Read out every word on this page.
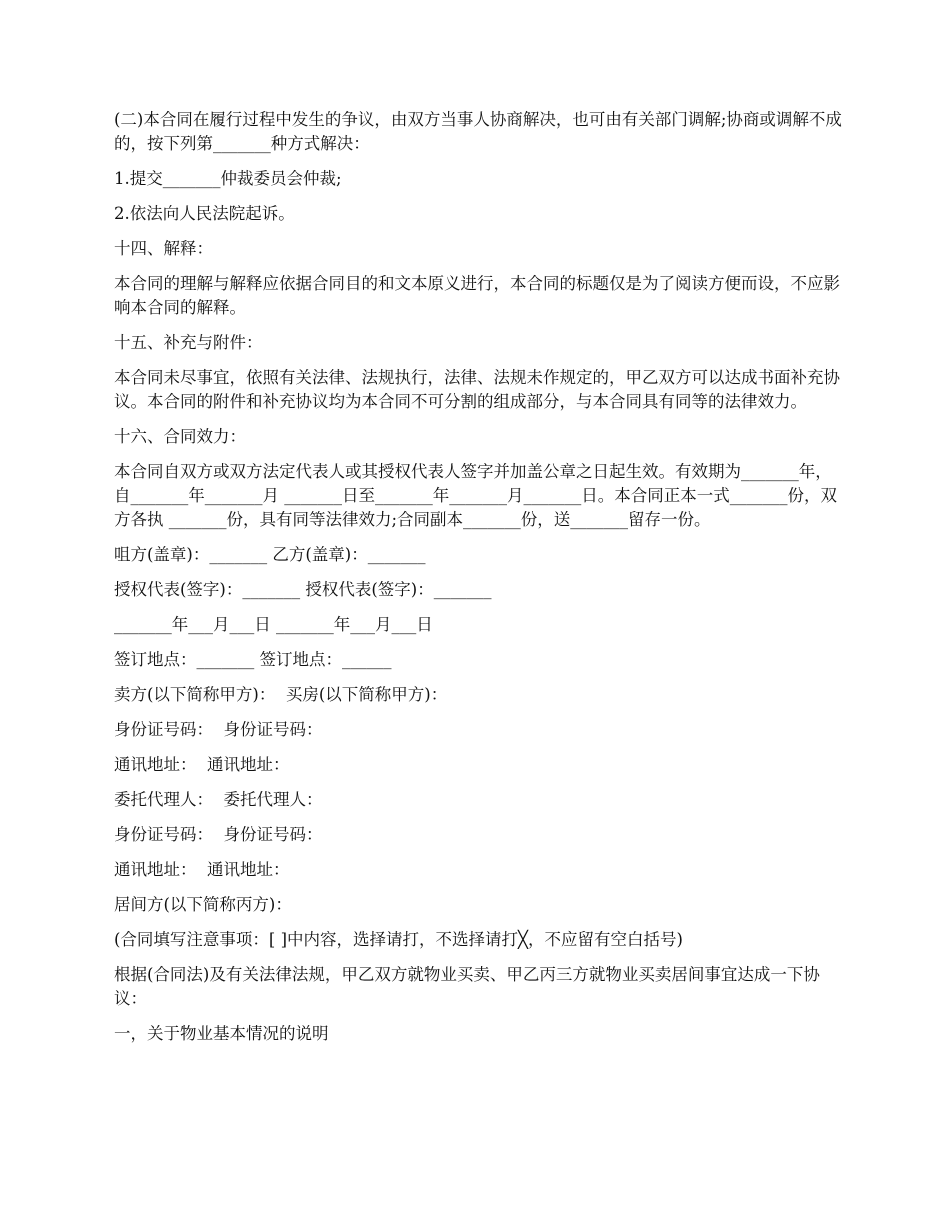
(二)本合同在履行过程中发生的争议，由双方当事人协商解决，也可由有关部门调解;协商或调解不成的，按下列第_______种方式解决：

1.提交_______仲裁委员会仲裁;

2.依法向人民法院起诉。

十四、解释：

本合同的理解与解释应依据合同目的和文本原义进行，本合同的标题仅是为了阅读方便而设，不应影响本合同的解释。

十五、补充与附件：

本合同未尽事宜，依照有关法律、法规执行，法律、法规未作规定的，甲乙双方可以达成书面补充协议。本合同的附件和补充协议均为本合同不可分割的组成部分，与本合同具有同等的法律效力。

十六、合同效力：

本合同自双方或双方法定代表人或其授权代表人签字并加盖公章之日起生效。有效期为_______年，自_______年_______月 _______日至_______年_______月_______日。本合同正本一式_______份，双方各执 _______份，具有同等法律效力;合同副本_______份，送_______留存一份。

咀方(盖章)：_______ 乙方(盖章)：_______

授权代表(签字)：_______ 授权代表(签字)：_______

_______年___月___日 _______年___月___日

签订地点：_______ 签订地点：______

卖方(以下简称甲方)：  买房(以下简称甲方)：

身份证号码：  身份证号码：

通讯地址：  通讯地址：

委托代理人：  委托代理人：

身份证号码：  身份证号码：

通讯地址：  通讯地址：

居间方(以下简称丙方)：

(合同填写注意事项：[ ]中内容，选择请打，不选择请打╳，不应留有空白括号)

根据(合同法)及有关法律法规，甲乙双方就物业买卖、甲乙丙三方就物业买卖居间事宜达成一下协议：

一，关于物业基本情况的说明
